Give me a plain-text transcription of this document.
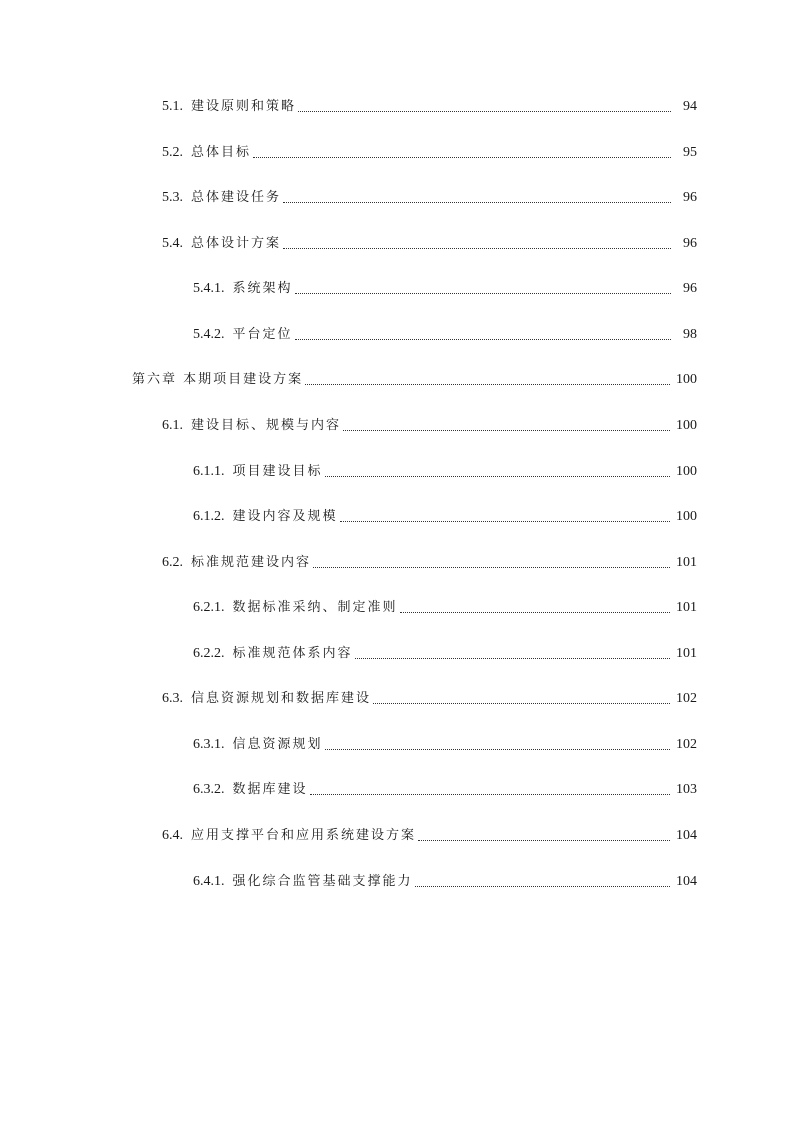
5.1. 建设原则和策略	94
5.2. 总体目标	95
5.3. 总体建设任务	96
5.4. 总体设计方案	96
5.4.1. 系统架构	96
5.4.2. 平台定位	98
第六章 本期项目建设方案	100
6.1. 建设目标、规模与内容	100
6.1.1. 项目建设目标	100
6.1.2. 建设内容及规模	100
6.2. 标准规范建设内容	101
6.2.1. 数据标准采纳、制定准则	101
6.2.2. 标准规范体系内容	101
6.3. 信息资源规划和数据库建设	102
6.3.1. 信息资源规划	102
6.3.2. 数据库建设	103
6.4. 应用支撑平台和应用系统建设方案	104
6.4.1. 强化综合监管基础支撑能力	104
